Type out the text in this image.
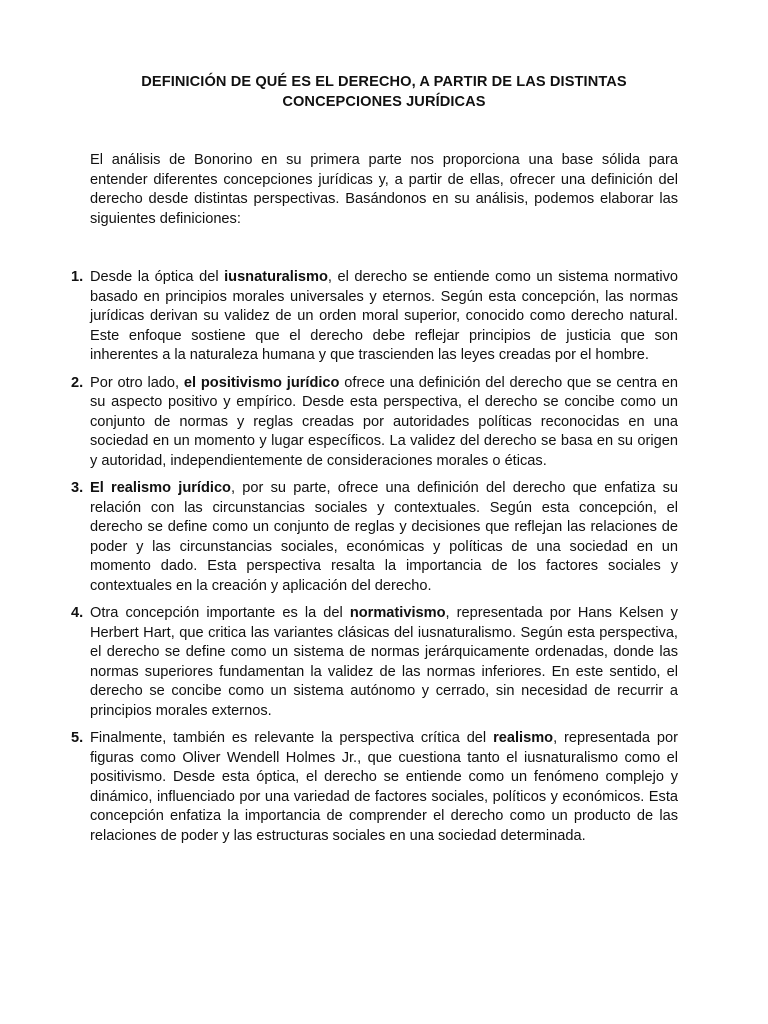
DEFINICIÓN DE QUÉ ES EL DERECHO, A PARTIR DE LAS DISTINTAS CONCEPCIONES JURÍDICAS

El análisis de Bonorino en su primera parte nos proporciona una base sólida para entender diferentes concepciones jurídicas y, a partir de ellas, ofrecer una definición del derecho desde distintas perspectivas. Basándonos en su análisis, podemos elaborar las siguientes definiciones:

1. Desde la óptica del iusnaturalismo, el derecho se entiende como un sistema normativo basado en principios morales universales y eternos. Según esta concepción, las normas jurídicas derivan su validez de un orden moral superior, conocido como derecho natural. Este enfoque sostiene que el derecho debe reflejar principios de justicia que son inherentes a la naturaleza humana y que trascienden las leyes creadas por el hombre.
2. Por otro lado, el positivismo jurídico ofrece una definición del derecho que se centra en su aspecto positivo y empírico. Desde esta perspectiva, el derecho se concibe como un conjunto de normas y reglas creadas por autoridades políticas reconocidas en una sociedad en un momento y lugar específicos. La validez del derecho se basa en su origen y autoridad, independientemente de consideraciones morales o éticas.
3. El realismo jurídico, por su parte, ofrece una definición del derecho que enfatiza su relación con las circunstancias sociales y contextuales. Según esta concepción, el derecho se define como un conjunto de reglas y decisiones que reflejan las relaciones de poder y las circunstancias sociales, económicas y políticas de una sociedad en un momento dado. Esta perspectiva resalta la importancia de los factores sociales y contextuales en la creación y aplicación del derecho.
4. Otra concepción importante es la del normativismo, representada por Hans Kelsen y Herbert Hart, que critica las variantes clásicas del iusnaturalismo. Según esta perspectiva, el derecho se define como un sistema de normas jerárquicamente ordenadas, donde las normas superiores fundamentan la validez de las normas inferiores. En este sentido, el derecho se concibe como un sistema autónomo y cerrado, sin necesidad de recurrir a principios morales externos.
5. Finalmente, también es relevante la perspectiva crítica del realismo, representada por figuras como Oliver Wendell Holmes Jr., que cuestiona tanto el iusnaturalismo como el positivismo. Desde esta óptica, el derecho se entiende como un fenómeno complejo y dinámico, influenciado por una variedad de factores sociales, políticos y económicos. Esta concepción enfatiza la importancia de comprender el derecho como un producto de las relaciones de poder y las estructuras sociales en una sociedad determinada.
